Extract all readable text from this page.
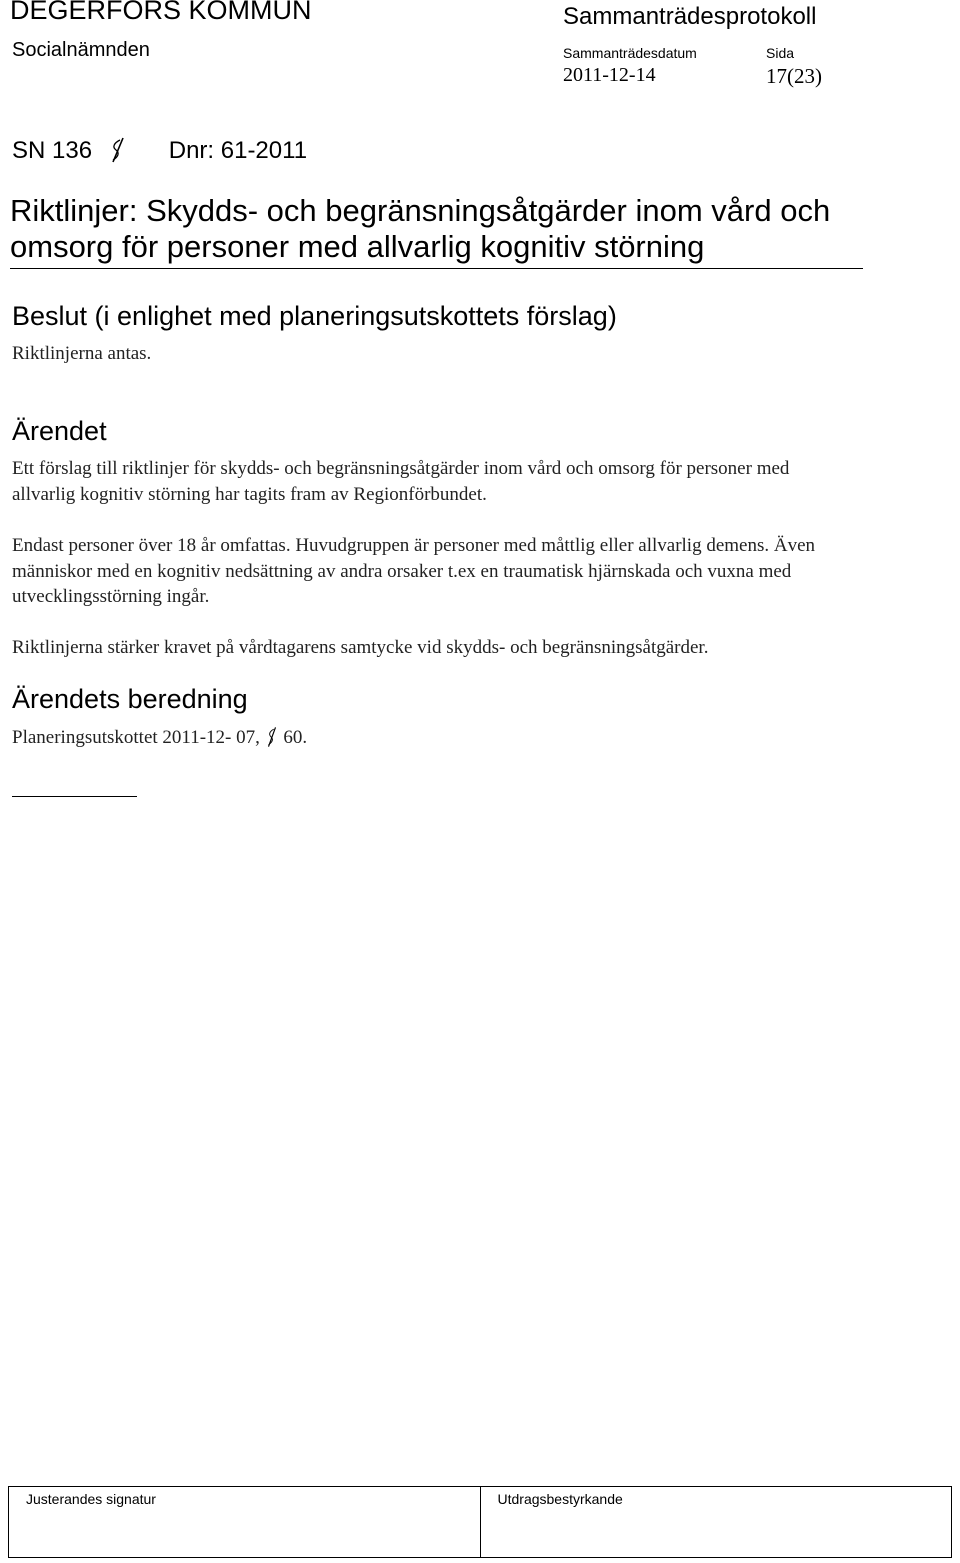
DEGERFORS KOMMUN
Socialnämnden
Sammanträdesprotokoll
Sammanträdesdatum	Sida
2011-12-14	17(23)
SN 136	Dnr: 61-2011
Riktlinjer: Skydds- och begränsningsåtgärder inom vård och omsorg för personer med allvarlig kognitiv störning
Beslut (i enlighet med planeringsutskottets förslag)

Riktlinjerna antas.

Ärendet

Ett förslag till riktlinjer för skydds- och begränsningsåtgärder inom vård och omsorg för personer med allvarlig kognitiv störning har tagits fram av Regionförbundet.

Endast personer över 18 år omfattas. Huvudgruppen är personer med måttlig eller allvarlig demens. Även människor med en kognitiv nedsättning av andra orsaker t.ex en traumatisk hjärnskada och vuxna med utvecklingsstörning ingår.

Riktlinjerna stärker kravet på vårdtagarens samtycke vid skydds- och begränsningsåtgärder.

Ärendets beredning

Planeringsutskottet 2011-12- 07, 60.

Justerandes signatur	Utdragsbestyrkande
